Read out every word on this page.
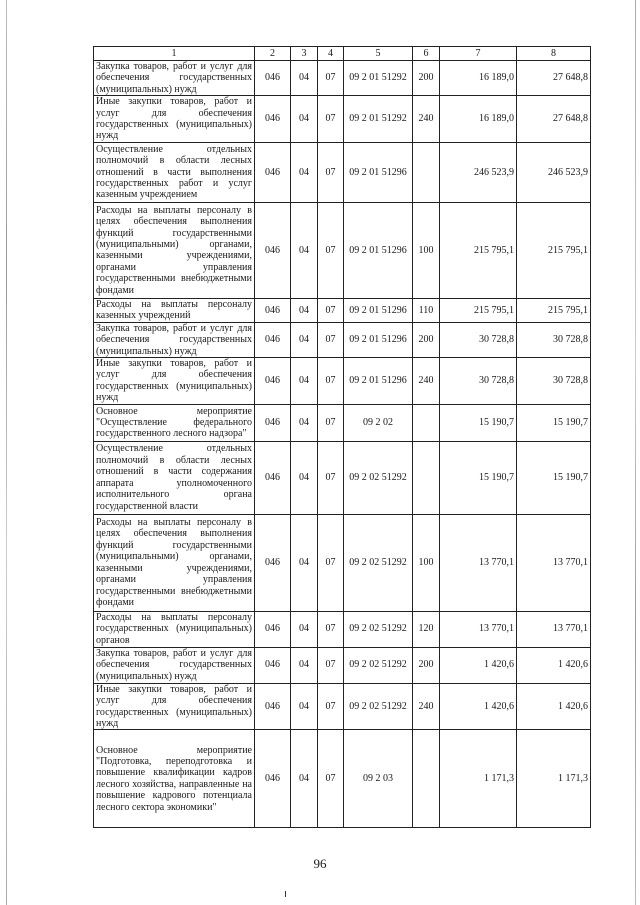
1	2	3	4	5	6	7	8
Закупка товаров, работ и услуг для обеспечения государственных (муниципальных) нужд	046	04	07	09 2 01 51292	200	16 189,0	27 648,8
Иные закупки товаров, работ и услуг для обеспечения государственных (муниципальных) нужд	046	04	07	09 2 01 51292	240	16 189,0	27 648,8
Осуществление отдельных полномочий в области лесных отношений в части выполнения государственных работ и услуг казенным учреждением	046	04	07	09 2 01 51296		246 523,9	246 523,9
Расходы на выплаты персоналу в целях обеспечения выполнения функций государственными (муниципальными) органами, казенными учреждениями, органами управления государственными внебюджетными фондами	046	04	07	09 2 01 51296	100	215 795,1	215 795,1
Расходы на выплаты персоналу казенных учреждений	046	04	07	09 2 01 51296	110	215 795,1	215 795,1
Закупка товаров, работ и услуг для обеспечения государственных (муниципальных) нужд	046	04	07	09 2 01 51296	200	30 728,8	30 728,8
Иные закупки товаров, работ и услуг для обеспечения государственных (муниципальных) нужд	046	04	07	09 2 01 51296	240	30 728,8	30 728,8
Основное мероприятие "Осуществление федерального государственного лесного надзора"	046	04	07	09 2 02		15 190,7	15 190,7
Осуществление отдельных полномочий в области лесных отношений в части содержания аппарата уполномоченного исполнительного органа государственной власти	046	04	07	09 2 02 51292		15 190,7	15 190,7
Расходы на выплаты персоналу в целях обеспечения выполнения функций государственными (муниципальными) органами, казенными учреждениями, органами управления государственными внебюджетными фондами	046	04	07	09 2 02 51292	100	13 770,1	13 770,1
Расходы на выплаты персоналу государственных (муниципальных) органов	046	04	07	09 2 02 51292	120	13 770,1	13 770,1
Закупка товаров, работ и услуг для обеспечения государственных (муниципальных) нужд	046	04	07	09 2 02 51292	200	1 420,6	1 420,6
Иные закупки товаров, работ и услуг для обеспечения государственных (муниципальных) нужд	046	04	07	09 2 02 51292	240	1 420,6	1 420,6
Основное мероприятие "Подготовка, переподготовка и повышение квалификации кадров лесного хозяйства, направленные на повышение кадрового потенциала лесного сектора экономики"	046	04	07	09 2 03		1 171,3	1 171,3
96
